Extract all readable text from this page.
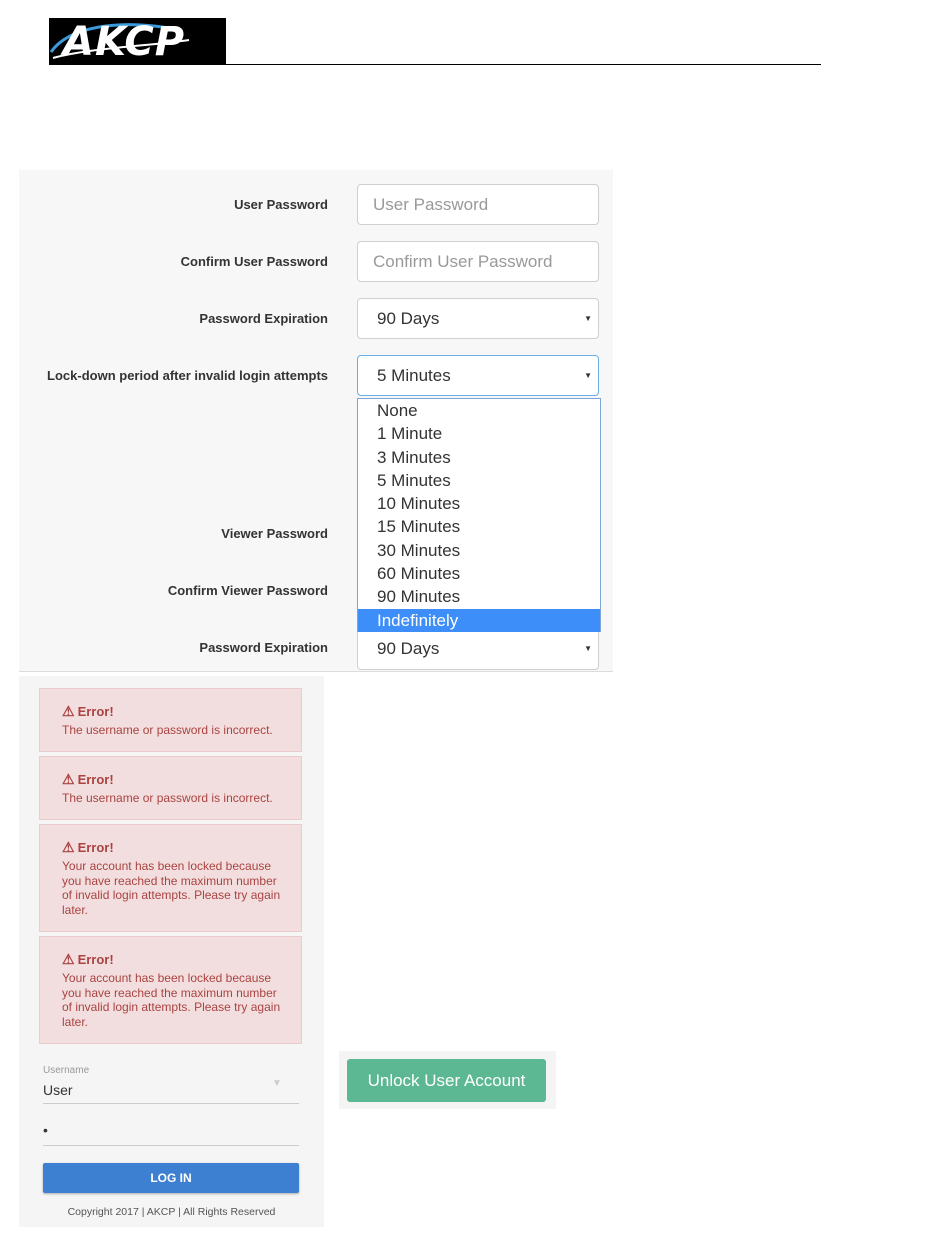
AKCP
User Password	User Password
Confirm User Password	Confirm User Password
Password Expiration	90 Days	▼
Lock-down period after invalid login attempts	5 Minutes	▼
Viewer Password
Confirm Viewer Password
Password Expiration	90 Days	▼
None
1 Minute
3 Minutes
5 Minutes
10 Minutes
15 Minutes
30 Minutes
60 Minutes
90 Minutes
Indefinitely
⚠ Error!
The username or password is incorrect.
⚠ Error!
The username or password is incorrect.
⚠ Error!
Your account has been locked because you have reached the maximum number of invalid login attempts. Please try again later.
⚠ Error!
Your account has been locked because you have reached the maximum number of invalid login attempts. Please try again later.
Username
User	▼
•
LOG IN
Copyright 2017 | AKCP | All Rights Reserved
Unlock User Account
